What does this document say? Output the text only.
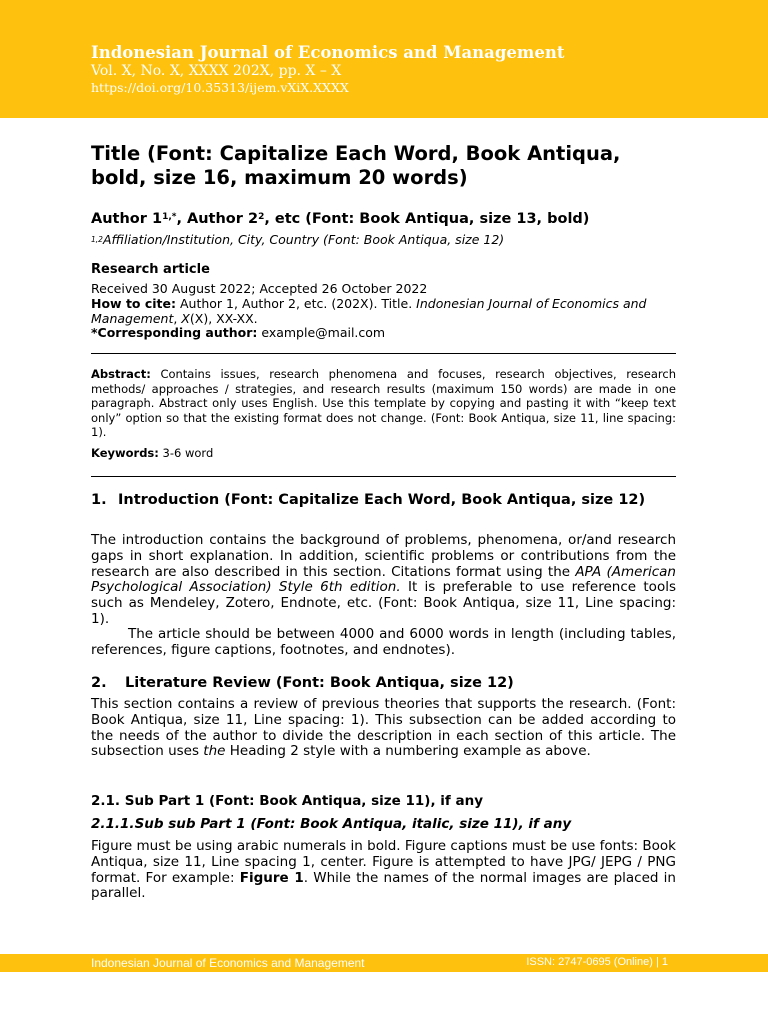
Indonesian Journal of Economics and Management
Vol. X, No. X, XXXX 202X, pp. X – X
https://doi.org/10.35313/ijem.vXiX.XXXX
Title (Font: Capitalize Each Word, Book Antiqua, bold, size 16, maximum 20 words)

Author $1^{1,*}$, Author $2^2$, etc (Font: Book Antiqua, size 13, bold)

$^{1,2}$Affiliation/Institution, City, Country (Font: Book Antiqua, size 12)

Research article

Received 30 August 2022; Accepted 26 October 2022
How to cite: Author 1, Author 2, etc. (202X). Title. Indonesian Journal of Economics and Management, X(X), XX-XX.
*Corresponding author: example@mail.com

Abstract: Contains issues, research phenomena and focuses, research objectives, research methods/ approaches / strategies, and research results (maximum 150 words) are made in one paragraph. Abstract only uses English. Use this template by copying and pasting it with “keep text only” option so that the existing format does not change. (Font: Book Antiqua, size 11, line spacing: 1).

Keywords: 3-6 word

1. Introduction (Font: Capitalize Each Word, Book Antiqua, size 12)

The introduction contains the background of problems, phenomena, or/and research gaps in short explanation. In addition, scientific problems or contributions from the research are also described in this section. Citations format using the APA (American Psychological Association) Style 6th edition. It is preferable to use reference tools such as Mendeley, Zotero, Endnote, etc. (Font: Book Antiqua, size 11, Line spacing: 1).

The article should be between 4000 and 6000 words in length (including tables, references, figure captions, footnotes, and endnotes).

2.	Literature Review (Font: Book Antiqua, size 12)

This section contains a review of previous theories that supports the research. (Font: Book Antiqua, size 11, Line spacing: 1). This subsection can be added according to the needs of the author to divide the description in each section of this article. The subsection uses the Heading 2 style with a numbering example as above.

2.1. Sub Part 1 (Font: Book Antiqua, size 11), if any
2.1.1.Sub sub Part 1 (Font: Book Antiqua, italic, size 11), if any

Figure must be using arabic numerals in bold. Figure captions must be use fonts: Book Antiqua, size 11, Line spacing 1, center. Figure is attempted to have JPG/ JEPG / PNG format. For example: Figure 1. While the names of the normal images are placed in parallel.

Indonesian Journal of Economics and Management	ISSN: 2747-0695 (Online) | 1
